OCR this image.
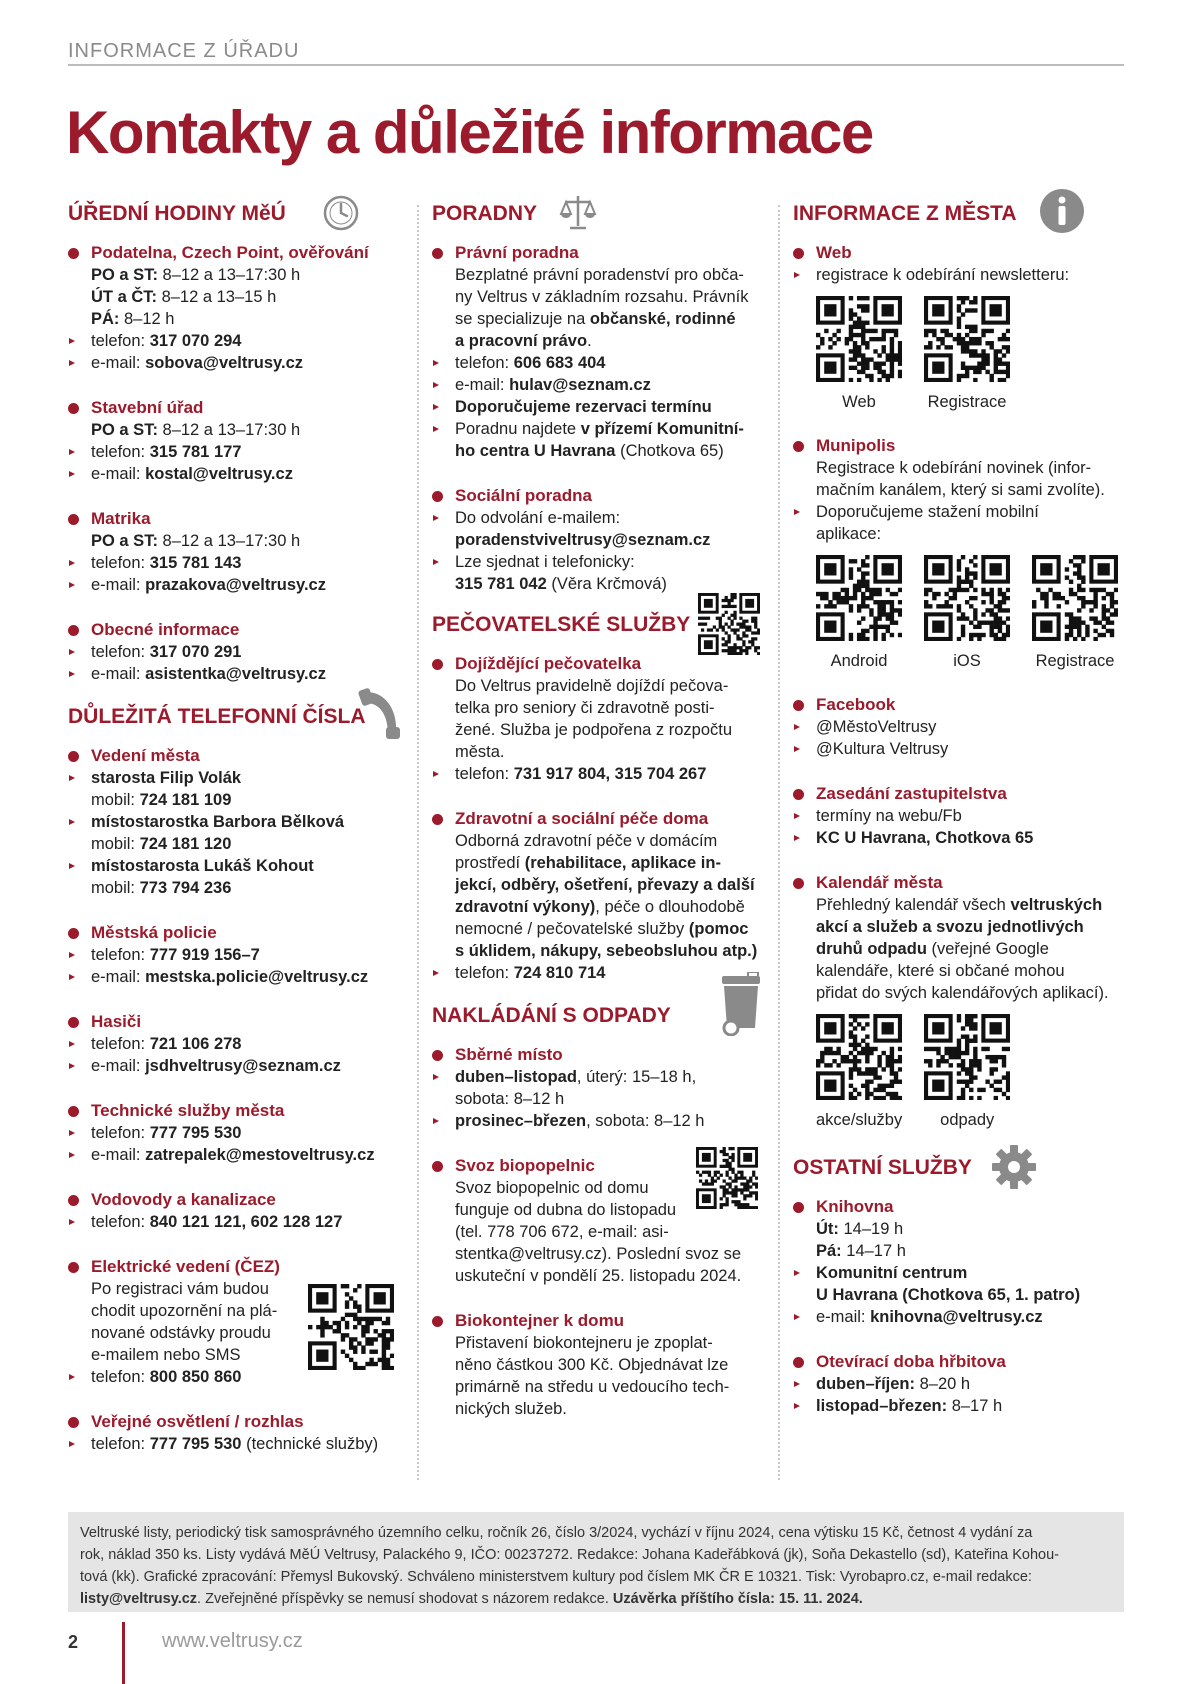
INFORMACE Z ÚŘADU
Kontakty a důležité informace
ÚŘEDNÍ HODINY MěÚ
Podatelna, Czech Point, ověřování
PO a ST: 8–12 a 13–17:30 h
ÚT a ČT: 8–12 a 13–15 h
PÁ: 8–12 h
telefon: 317 070 294
e-mail: sobova@veltrusy.cz
Stavební úřad
PO a ST: 8–12 a 13–17:30 h
telefon: 315 781 177
e-mail: kostal@veltrusy.cz
Matrika
PO a ST: 8–12 a 13–17:30 h
telefon: 315 781 143
e-mail: prazakova@veltrusy.cz
Obecné informace
telefon: 317 070 291
e-mail: asistentka@veltrusy.cz
DŮLEŽITÁ TELEFONNÍ ČÍSLA
Vedení města
starosta Filip Volák
mobil: 724 181 109
místostarostka Barbora Bělková
mobil: 724 181 120
místostarosta Lukáš Kohout
mobil: 773 794 236
Městská policie
telefon: 777 919 156–7
e-mail: mestska.policie@veltrusy.cz
Hasiči
telefon: 721 106 278
e-mail: jsdhveltrusy@seznam.cz
Technické služby města
telefon: 777 795 530
e-mail: zatrepalek@mestoveltrusy.cz
Vodovody a kanalizace
telefon: 840 121 121, 602 128 127
Elektrické vedení (ČEZ)
Po registraci vám budou
chodit upozornění na plá-
nované odstávky proudu
e-mailem nebo SMS
telefon: 800 850 860
Veřejné osvětlení / rozhlas
telefon: 777 795 530 (technické služby)
PORADNY
Právní poradna
Bezplatné právní poradenství pro obča-
ny Veltrus v základním rozsahu. Právník
se specializuje na občanské, rodinné
a pracovní právo.
telefon: 606 683 404
e-mail: hulav@seznam.cz
Doporučujeme rezervaci termínu
Poradnu najdete v přízemí Komunitní-
ho centra U Havrana (Chotkova 65)
Sociální poradna
Do odvolání e-mailem:
poradenstviveltrusy@seznam.cz
Lze sjednat i telefonicky:
315 781 042 (Věra Krčmová)
PEČOVATELSKÉ SLUŽBY
Dojíždějící pečovatelka
Do Veltrus pravidelně dojíždí pečova-
telka pro seniory či zdravotně posti-
žené. Služba je podpořena z rozpočtu
města.
telefon: 731 917 804, 315 704 267
Zdravotní a sociální péče doma
Odborná zdravotní péče v domácím
prostředí (rehabilitace, aplikace in-
jekcí, odběry, ošetření, převazy a další
zdravotní výkony), péče o dlouhodobě
nemocné / pečovatelské služby (pomoc
s úklidem, nákupy, sebeobsluhou atp.)
telefon: 724 810 714
NAKLÁDÁNÍ S ODPADY
Sběrné místo
duben–listopad, úterý: 15–18 h,
sobota: 8–12 h
prosinec–březen, sobota: 8–12 h
Svoz biopopelnic
Svoz biopopelnic od domu
funguje od dubna do listopadu
(tel. 778 706 672, e-mail: asi-
stentka@veltrusy.cz). Poslední svoz se
uskuteční v pondělí 25. listopadu 2024.
Biokontejner k domu
Přistavení biokontejneru je zpoplat-
něno částkou 300 Kč. Objednávat lze
primárně na středu u vedoucího tech-
nických služeb.
INFORMACE Z MĚSTA
Web
registrace k odebírání newsletteru:
Web	Registrace
Munipolis
Registrace k odebírání novinek (infor-
mačním kanálem, který si sami zvolíte).
Doporučujeme stažení mobilní
aplikace:
Android	iOS	Registrace
Facebook
@MěstoVeltrusy
@Kultura Veltrusy
Zasedání zastupitelstva
termíny na webu/Fb
KC U Havrana, Chotkova 65
Kalendář města
Přehledný kalendář všech veltruských
akcí a služeb a svozu jednotlivých
druhů odpadu (veřejné Google
kalendáře, které si občané mohou
přidat do svých kalendářových aplikací).
akce/služby	odpady
OSTATNÍ SLUŽBY
Knihovna
Út: 14–19 h
Pá: 14–17 h
Komunitní centrum
U Havrana (Chotkova 65, 1. patro)
e-mail: knihovna@veltrusy.cz
Otevírací doba hřbitova
duben–říjen: 8–20 h
listopad–březen: 8–17 h
Veltruské listy, periodický tisk samosprávného územního celku, ročník 26, číslo 3/2024, vychází v říjnu 2024, cena výtisku 15 Kč, četnost 4 vydání za
rok, náklad 350 ks. Listy vydává MěÚ Veltrusy, Palackého 9, IČO: 00237272. Redakce: Johana Kadeřábková (jk), Soňa Dekastello (sd), Kateřina Kohou-
tová (kk). Grafické zpracování: Přemysl Bukovský. Schváleno ministerstvem kultury pod číslem MK ČR E 10321. Tisk: Vyrobapro.cz, e-mail redakce:
listy@veltrusy.cz. Zveřejněné příspěvky se nemusí shodovat s názorem redakce. Uzávěrka příštího čísla: 15. 11. 2024.
2	www.veltrusy.cz
